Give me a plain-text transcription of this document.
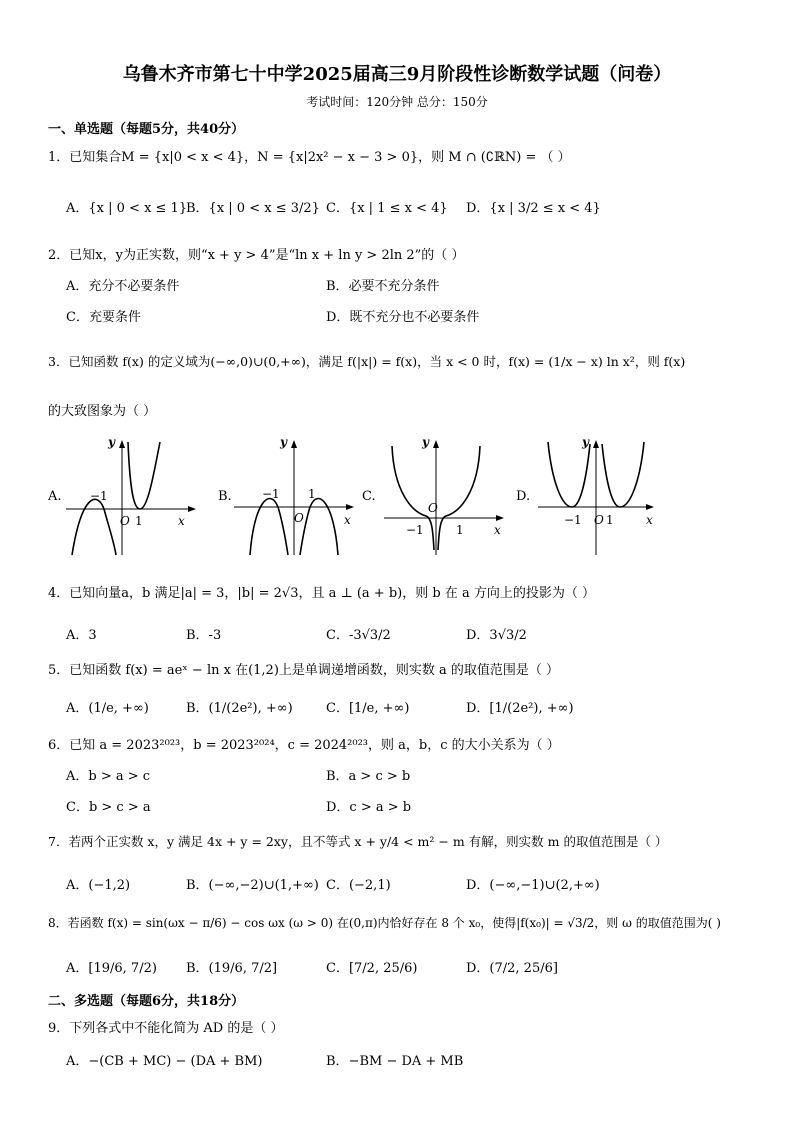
乌鲁木齐市第七十中学2025届高三9月阶段性诊断数学试题（问卷）
考试时间：120分钟 总分：150分
一、单选题（每题5分，共40分）
1．已知集合M = {x|0 < x < 4}，N = {x|2x² − x − 3 > 0}，则 M ∩ (∁ℝN) = （ ）
A．{x | 0 < x ≤ 1}
B．{x | 0 < x ≤ 3/2} C．{x | 1 ≤ x < 4} D．{x | 3/2 ≤ x < 4}
2．已知x，y为正实数，则“x + y > 4”是“ln x + ln y > 2ln 2”的（ ）
A．充分不必要条件	B．必要不充分条件
C．充要条件	D．既不充分也不必要条件
3．已知函数 f(x) 的定义域为(−∞,0)∪(0,+∞)，满足 f(|x|) = f(x)，当 x < 0 时，f(x) = (1/x − x) ln x²，则 f(x)
的大致图象为（ ）
A.
y
−1
O 1	x
B.
y
−1 1
O	x
C.
y
O
−1	1	x
D.
y
−1 O 1	x
4．已知向量a，b 满足|a| = 3，|b| = 2√3，且 a ⊥ (a + b)，则 b 在 a 方向上的投影为（ ）
A．3	B．-3	C．-3√3/2	D．3√3/2
5．已知函数 f(x) = aeˣ − ln x 在(1,2)上是单调递增函数，则实数 a 的取值范围是（ ）
A．(1/e, +∞)	B．(1/(2e²), +∞)	C．[1/e, +∞)	D．[1/(2e²), +∞)
6．已知 a = 2023²⁰²³，b = 2023²⁰²⁴，c = 2024²⁰²³，则 a，b，c 的大小关系为（ ）
A．b > a > c	B．a > c > b
C．b > c > a	D．c > a > b
7．若两个正实数 x，y 满足 4x + y = 2xy，且不等式 x + y/4 < m² − m 有解，则实数 m 的取值范围是（ ）
A．(−1,2)	B．(−∞,−2)∪(1,+∞) C．(−2,1)	D．(−∞,−1)∪(2,+∞)
8．若函数 f(x) = sin(ωx − π/6) − cos ωx (ω > 0) 在(0,π)内恰好存在 8 个 x₀，使得|f(x₀)| = √3/2，则 ω 的取值范围为( )
A．[19/6, 7/2) B．(19/6, 7/2]	C．[7/2, 25/6)	D．(7/2, 25/6]
二、多选题（每题6分，共18分）
9．下列各式中不能化简为 AD 的是（ ）
A．−(CB + MC) − (DA + BM)	B．−BM − DA + MB
